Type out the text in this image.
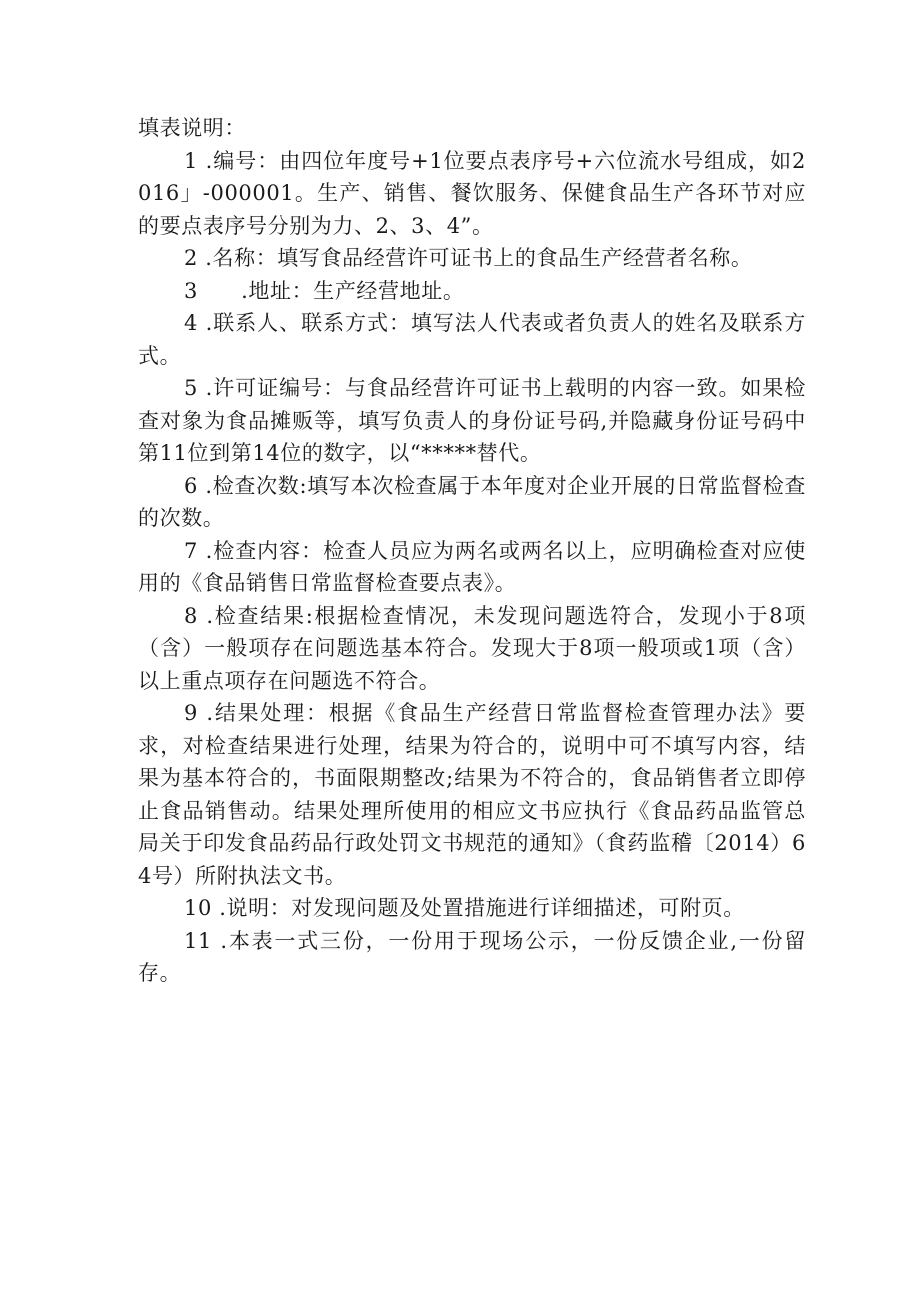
填表说明：

1 .编号：由四位年度号+1位要点表序号+六位流水号组成，如2016」-000001。生产、销售、餐饮服务、保健食品生产各环节对应的要点表序号分别为力、2、3、4”。

2 .名称：填写食品经营许可证书上的食品生产经营者名称。

3　　.地址：生产经营地址。

4 .联系人、联系方式：填写法人代表或者负责人的姓名及联系方式。

5 .许可证编号：与食品经营许可证书上载明的内容一致。如果检查对象为食品摊贩等，填写负责人的身份证号码,并隐藏身份证号码中第11位到第14位的数字，以“*****替代。

6 .检查次数:填写本次检查属于本年度对企业开展的日常监督检查的次数。

7 .检查内容：检查人员应为两名或两名以上，应明确检查对应使用的《食品销售日常监督检查要点表》。

8 .检查结果:根据检查情况，未发现问题选符合，发现小于8项（含）一般项存在问题选基本符合。发现大于8项一般项或1项（含）以上重点项存在问题选不符合。

9 .结果处理：根据《食品生产经营日常监督检查管理办法》要求，对检查结果进行处理，结果为符合的，说明中可不填写内容，结果为基本符合的，书面限期整改;结果为不符合的，食品销售者立即停止食品销售动。结果处理所使用的相应文书应执行《食品药品监管总局关于印发食品药品行政处罚文书规范的通知》（食药监稽〔2014）64号）所附执法文书。

10 .说明：对发现问题及处置措施进行详细描述，可附页。

11 .本表一式三份，一份用于现场公示，一份反馈企业,一份留存。
